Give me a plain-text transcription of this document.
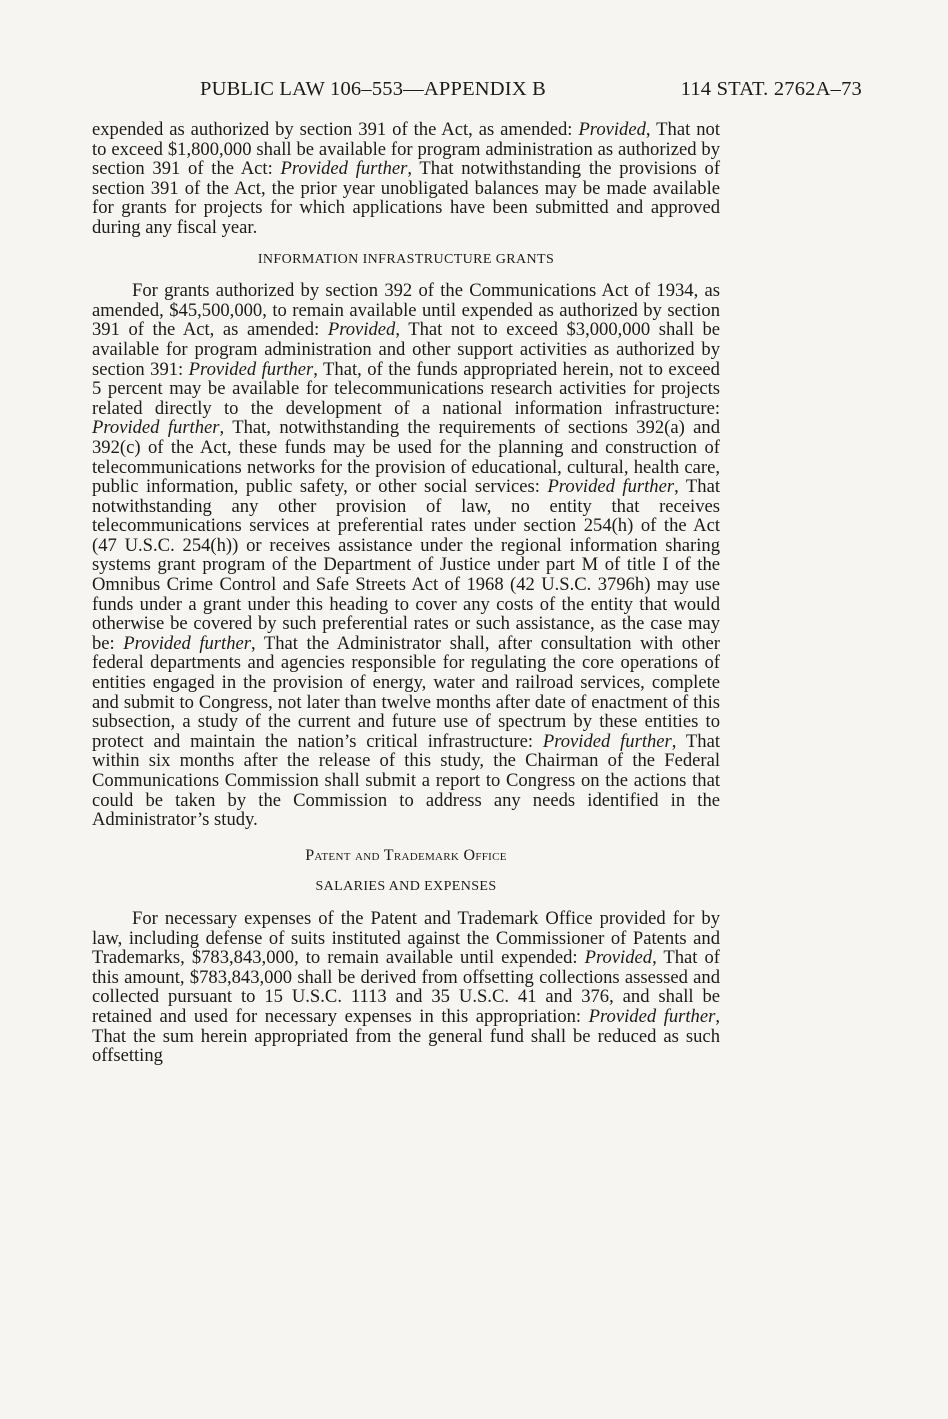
PUBLIC LAW 106–553—APPENDIX B	114 STAT. 2762A–73

expended as authorized by section 391 of the Act, as amended: Provided, That not to exceed $1,800,000 shall be available for program administration as authorized by section 391 of the Act: Provided further, That notwithstanding the provisions of section 391 of the Act, the prior year unobligated balances may be made available for grants for projects for which applications have been submitted and approved during any fiscal year.

INFORMATION INFRASTRUCTURE GRANTS

For grants authorized by section 392 of the Communications Act of 1934, as amended, $45,500,000, to remain available until expended as authorized by section 391 of the Act, as amended: Provided, That not to exceed $3,000,000 shall be available for program administration and other support activities as authorized by section 391: Provided further, That, of the funds appropriated herein, not to exceed 5 percent may be available for telecommunications research activities for projects related directly to the development of a national information infrastructure: Provided further, That, notwithstanding the requirements of sections 392(a) and 392(c) of the Act, these funds may be used for the planning and construction of telecommunications networks for the provision of educational, cultural, health care, public information, public safety, or other social services: Provided further, That notwithstanding any other provision of law, no entity that receives telecommunications services at preferential rates under section 254(h) of the Act (47 U.S.C. 254(h)) or receives assistance under the regional information sharing systems grant program of the Department of Justice under part M of title I of the Omnibus Crime Control and Safe Streets Act of 1968 (42 U.S.C. 3796h) may use funds under a grant under this heading to cover any costs of the entity that would otherwise be covered by such preferential rates or such assistance, as the case may be: Provided further, That the Administrator shall, after consultation with other federal departments and agencies responsible for regulating the core operations of entities engaged in the provision of energy, water and railroad services, complete and submit to Congress, not later than twelve months after date of enactment of this subsection, a study of the current and future use of spectrum by these entities to protect and maintain the nation’s critical infrastructure: Provided further, That within six months after the release of this study, the Chairman of the Federal Communications Commission shall submit a report to Congress on the actions that could be taken by the Commission to address any needs identified in the Administrator’s study.

Patent and Trademark Office
SALARIES AND EXPENSES

For necessary expenses of the Patent and Trademark Office provided for by law, including defense of suits instituted against the Commissioner of Patents and Trademarks, $783,843,000, to remain available until expended: Provided, That of this amount, $783,843,000 shall be derived from offsetting collections assessed and collected pursuant to 15 U.S.C. 1113 and 35 U.S.C. 41 and 376, and shall be retained and used for necessary expenses in this appropriation: Provided further, That the sum herein appropriated from the general fund shall be reduced as such offsetting
